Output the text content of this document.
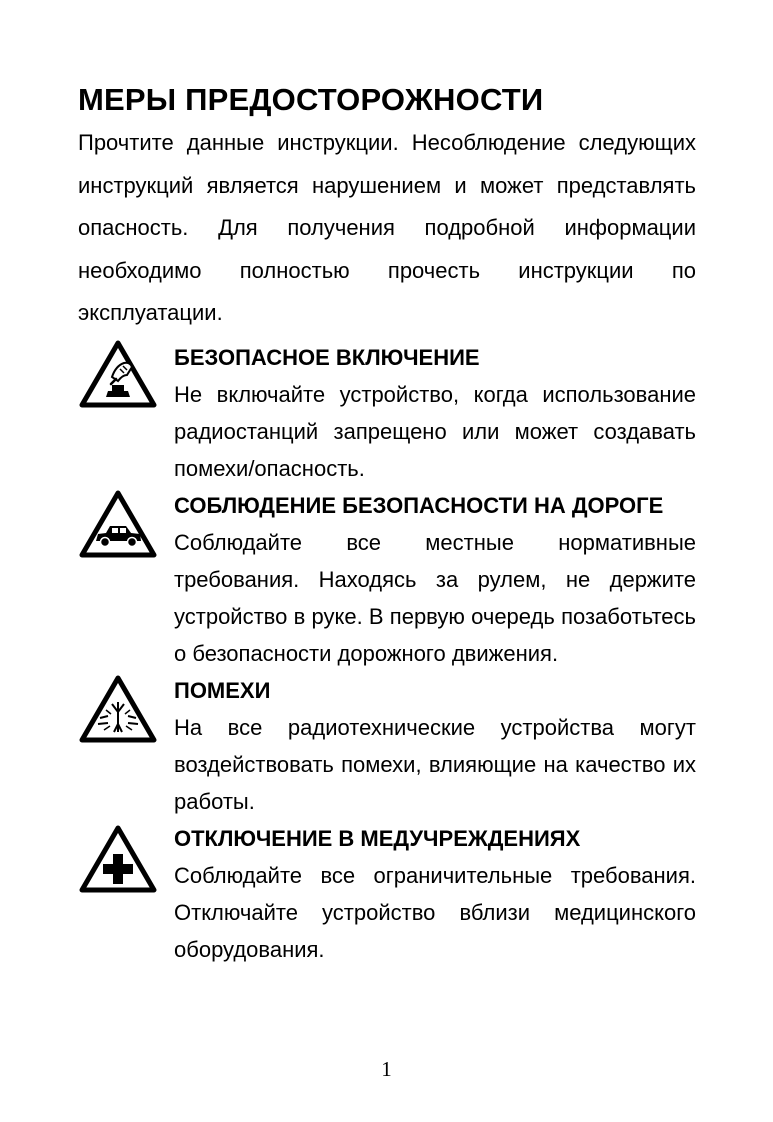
МЕРЫ ПРЕДОСТОРОЖНОСТИ

Прочтите данные инструкции. Несоблюдение следующих инструкций является нарушением и может представлять опасность. Для получения подробной информации необходимо полностью прочесть инструкции по эксплуатации.

БЕЗОПАСНОЕ ВКЛЮЧЕНИЕ

Не включайте устройство, когда использование радиостанций запрещено или может создавать помехи/опасность.

СОБЛЮДЕНИЕ БЕЗОПАСНОСТИ НА ДОРОГЕ

Соблюдайте все местные нормативные требования. Находясь за рулем, не держите устройство в руке. В первую очередь позаботьтесь о безопасности дорожного движения.

ПОМЕХИ

На все радиотехнические устройства могут воздействовать помехи, влияющие на качество их работы.

ОТКЛЮЧЕНИЕ В МЕДУЧРЕЖДЕНИЯХ

Соблюдайте все ограничительные требования. Отключайте устройство вблизи медицинского оборудования.

1
